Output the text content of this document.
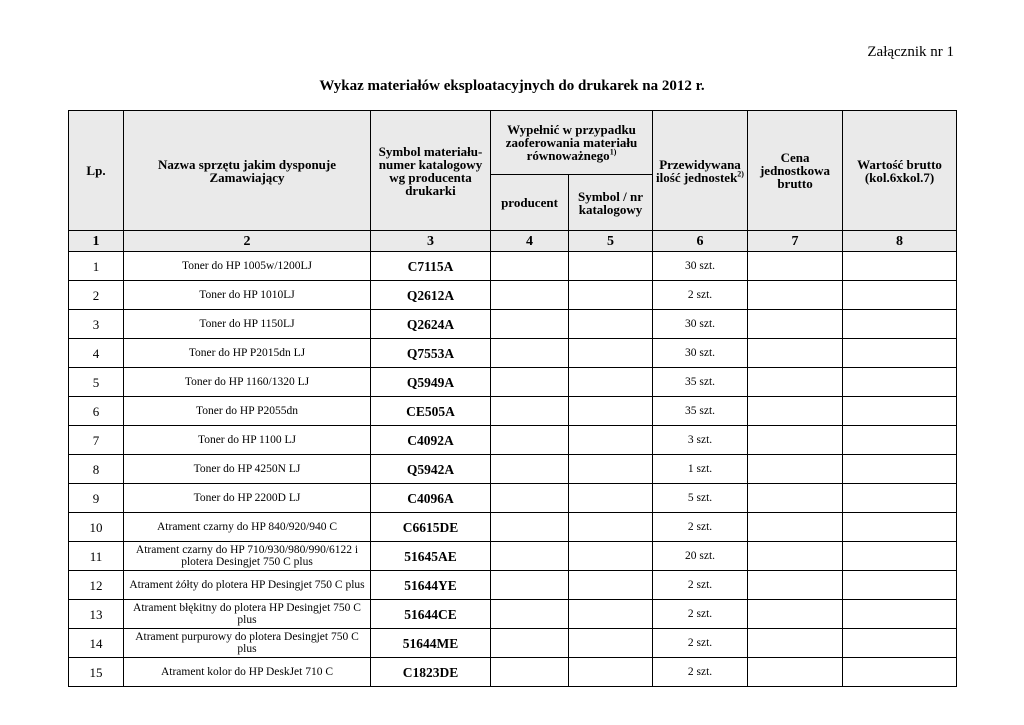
Załącznik nr 1
Wykaz materiałów eksploatacyjnych do drukarek na 2012 r.
Lp.	Nazwa sprzętu jakim dysponuje Zamawiający	Symbol materiału- numer katalogowy wg producenta drukarki	Wypełnić w przypadku zaoferowania materiału równoważnego$^{1)}$		Przewidywana ilość jednostek$^{2)}$	Cena jednostkowa brutto	Wartość brutto (kol.6xkol.7)
			producent	Symbol / nr katalogowy			
1	2	3	4	5	6	7	8
1	Toner do HP 1005w/1200LJ	C7115A			30 szt.		
2	Toner do HP 1010LJ	Q2612A			2 szt.		
3	Toner do HP 1150LJ	Q2624A			30 szt.		
4	Toner do HP P2015dn LJ	Q7553A			30 szt.		
5	Toner do HP 1160/1320 LJ	Q5949A			35 szt.		
6	Toner do HP P2055dn	CE505A			35 szt.		
7	Toner do HP 1100 LJ	C4092A			3 szt.		
8	Toner do HP 4250N LJ	Q5942A			1 szt.		
9	Toner do HP 2200D LJ	C4096A			5 szt.		
10	Atrament czarny do HP 840/920/940 C	C6615DE			2 szt.		
11	Atrament czarny do HP 710/930/980/990/6122 i plotera Desingjet 750 C plus	51645AE			20 szt.		
12	Atrament żółty do plotera HP Desingjet 750 C plus	51644YE			2 szt.		
13	Atrament błękitny do plotera HP Desingjet 750 C plus	51644CE			2 szt.		
14	Atrament purpurowy do plotera Desingjet 750 C plus	51644ME			2 szt.		
15	Atrament kolor do HP DeskJet 710 C	C1823DE			2 szt.		
